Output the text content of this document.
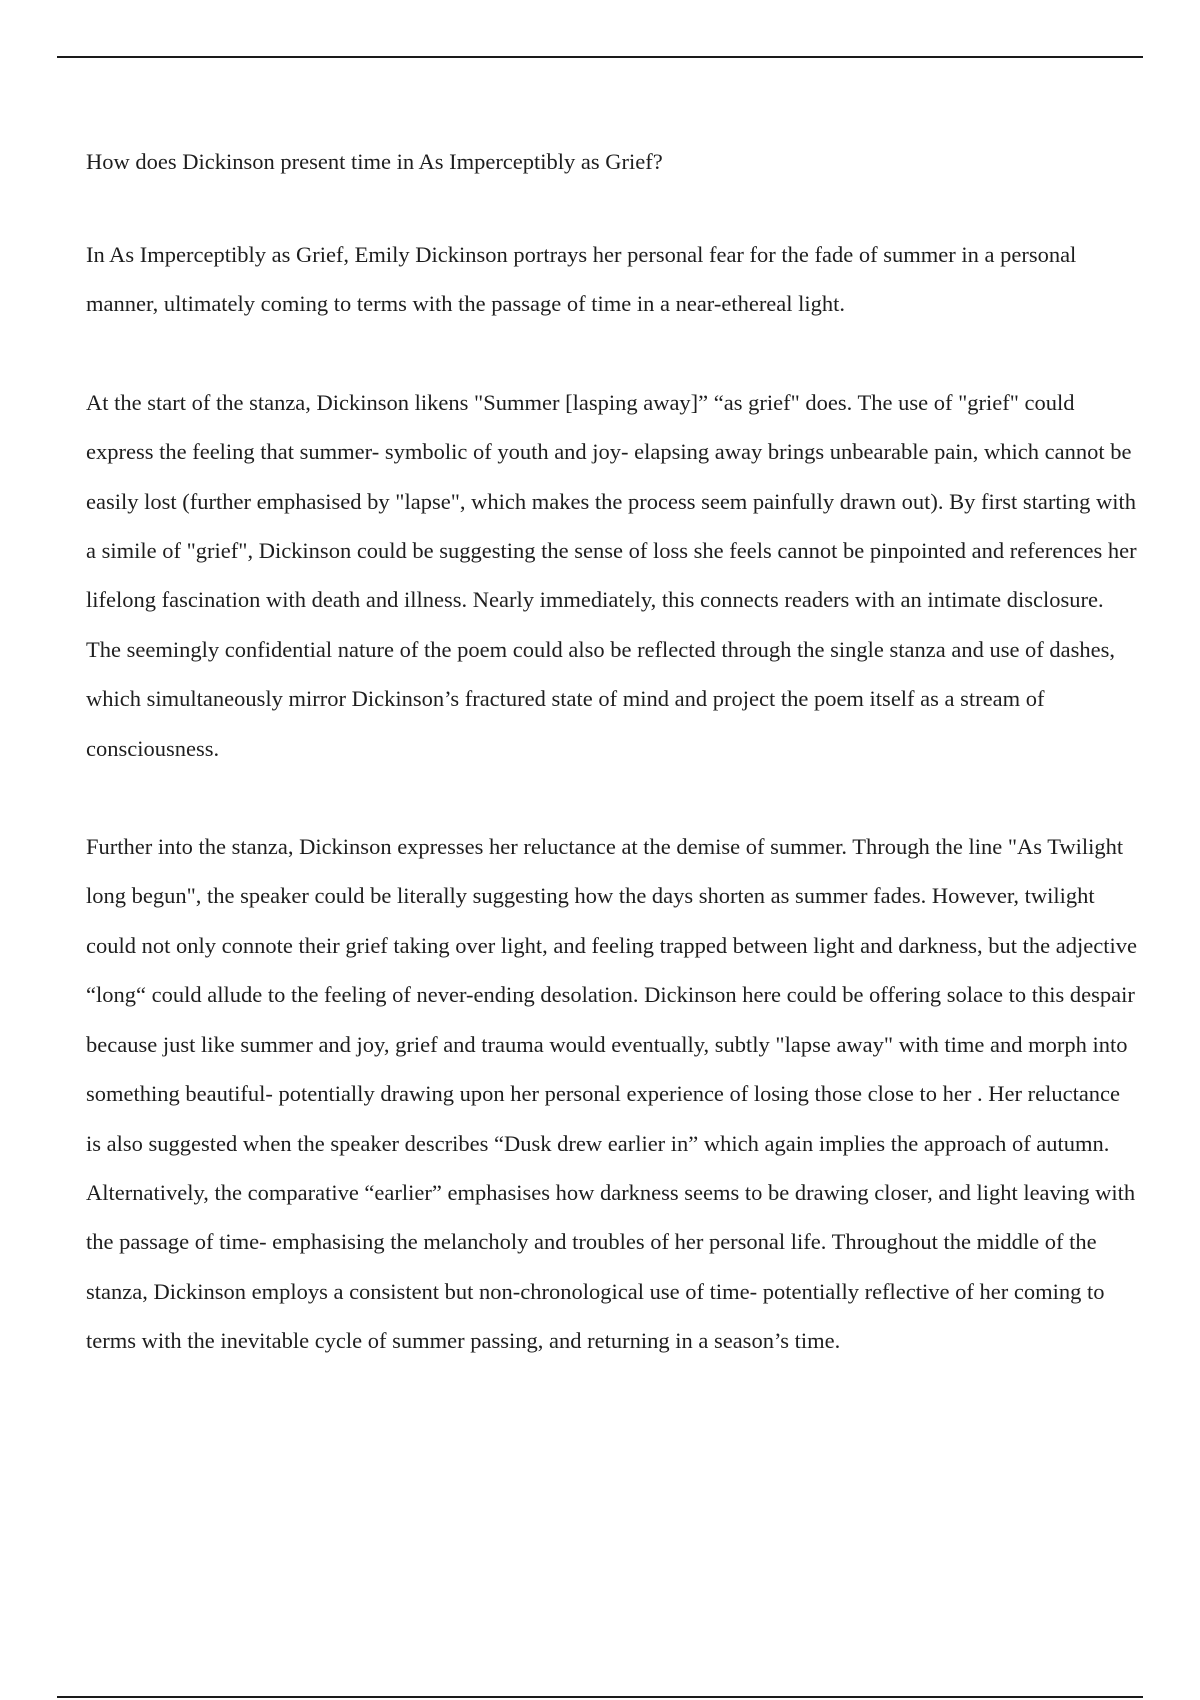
How does Dickinson present time in As Imperceptibly as Grief?

In As Imperceptibly as Grief, Emily Dickinson portrays her personal fear for the fade of summer in a personal manner, ultimately coming to terms with the passage of time in a near-ethereal light.

At the start of the stanza, Dickinson likens "Summer [lasping away]” “as grief" does. The use of "grief" could express the feeling that summer- symbolic of youth and joy- elapsing away brings unbearable pain, which cannot be easily lost (further emphasised by "lapse", which makes the process seem painfully drawn out). By first starting with a simile of "grief", Dickinson could be suggesting the sense of loss she feels cannot be pinpointed and references her lifelong fascination with death and illness. Nearly immediately, this connects readers with an intimate disclosure. The seemingly confidential nature of the poem could also be reflected through the single stanza and use of dashes, which simultaneously mirror Dickinson’s fractured state of mind and project the poem itself as a stream of consciousness.

Further into the stanza, Dickinson expresses her reluctance at the demise of summer. Through the line "As Twilight long begun", the speaker could be literally suggesting how the days shorten as summer fades. However, twilight could not only connote their grief taking over light, and feeling trapped between light and darkness, but the adjective “long“ could allude to the feeling of never-ending desolation. Dickinson here could be offering solace to this despair because just like summer and joy, grief and trauma would eventually, subtly "lapse away" with time and morph into something beautiful- potentially drawing upon her personal experience of losing those close to her . Her reluctance is also suggested when the speaker describes “Dusk drew earlier in” which again implies the approach of autumn. Alternatively, the comparative “earlier” emphasises how darkness seems to be drawing closer, and light leaving with the passage of time- emphasising the melancholy and troubles of her personal life. Throughout the middle of the stanza, Dickinson employs a consistent but non-chronological use of time- potentially reflective of her coming to terms with the inevitable cycle of summer passing, and returning in a season’s time.
